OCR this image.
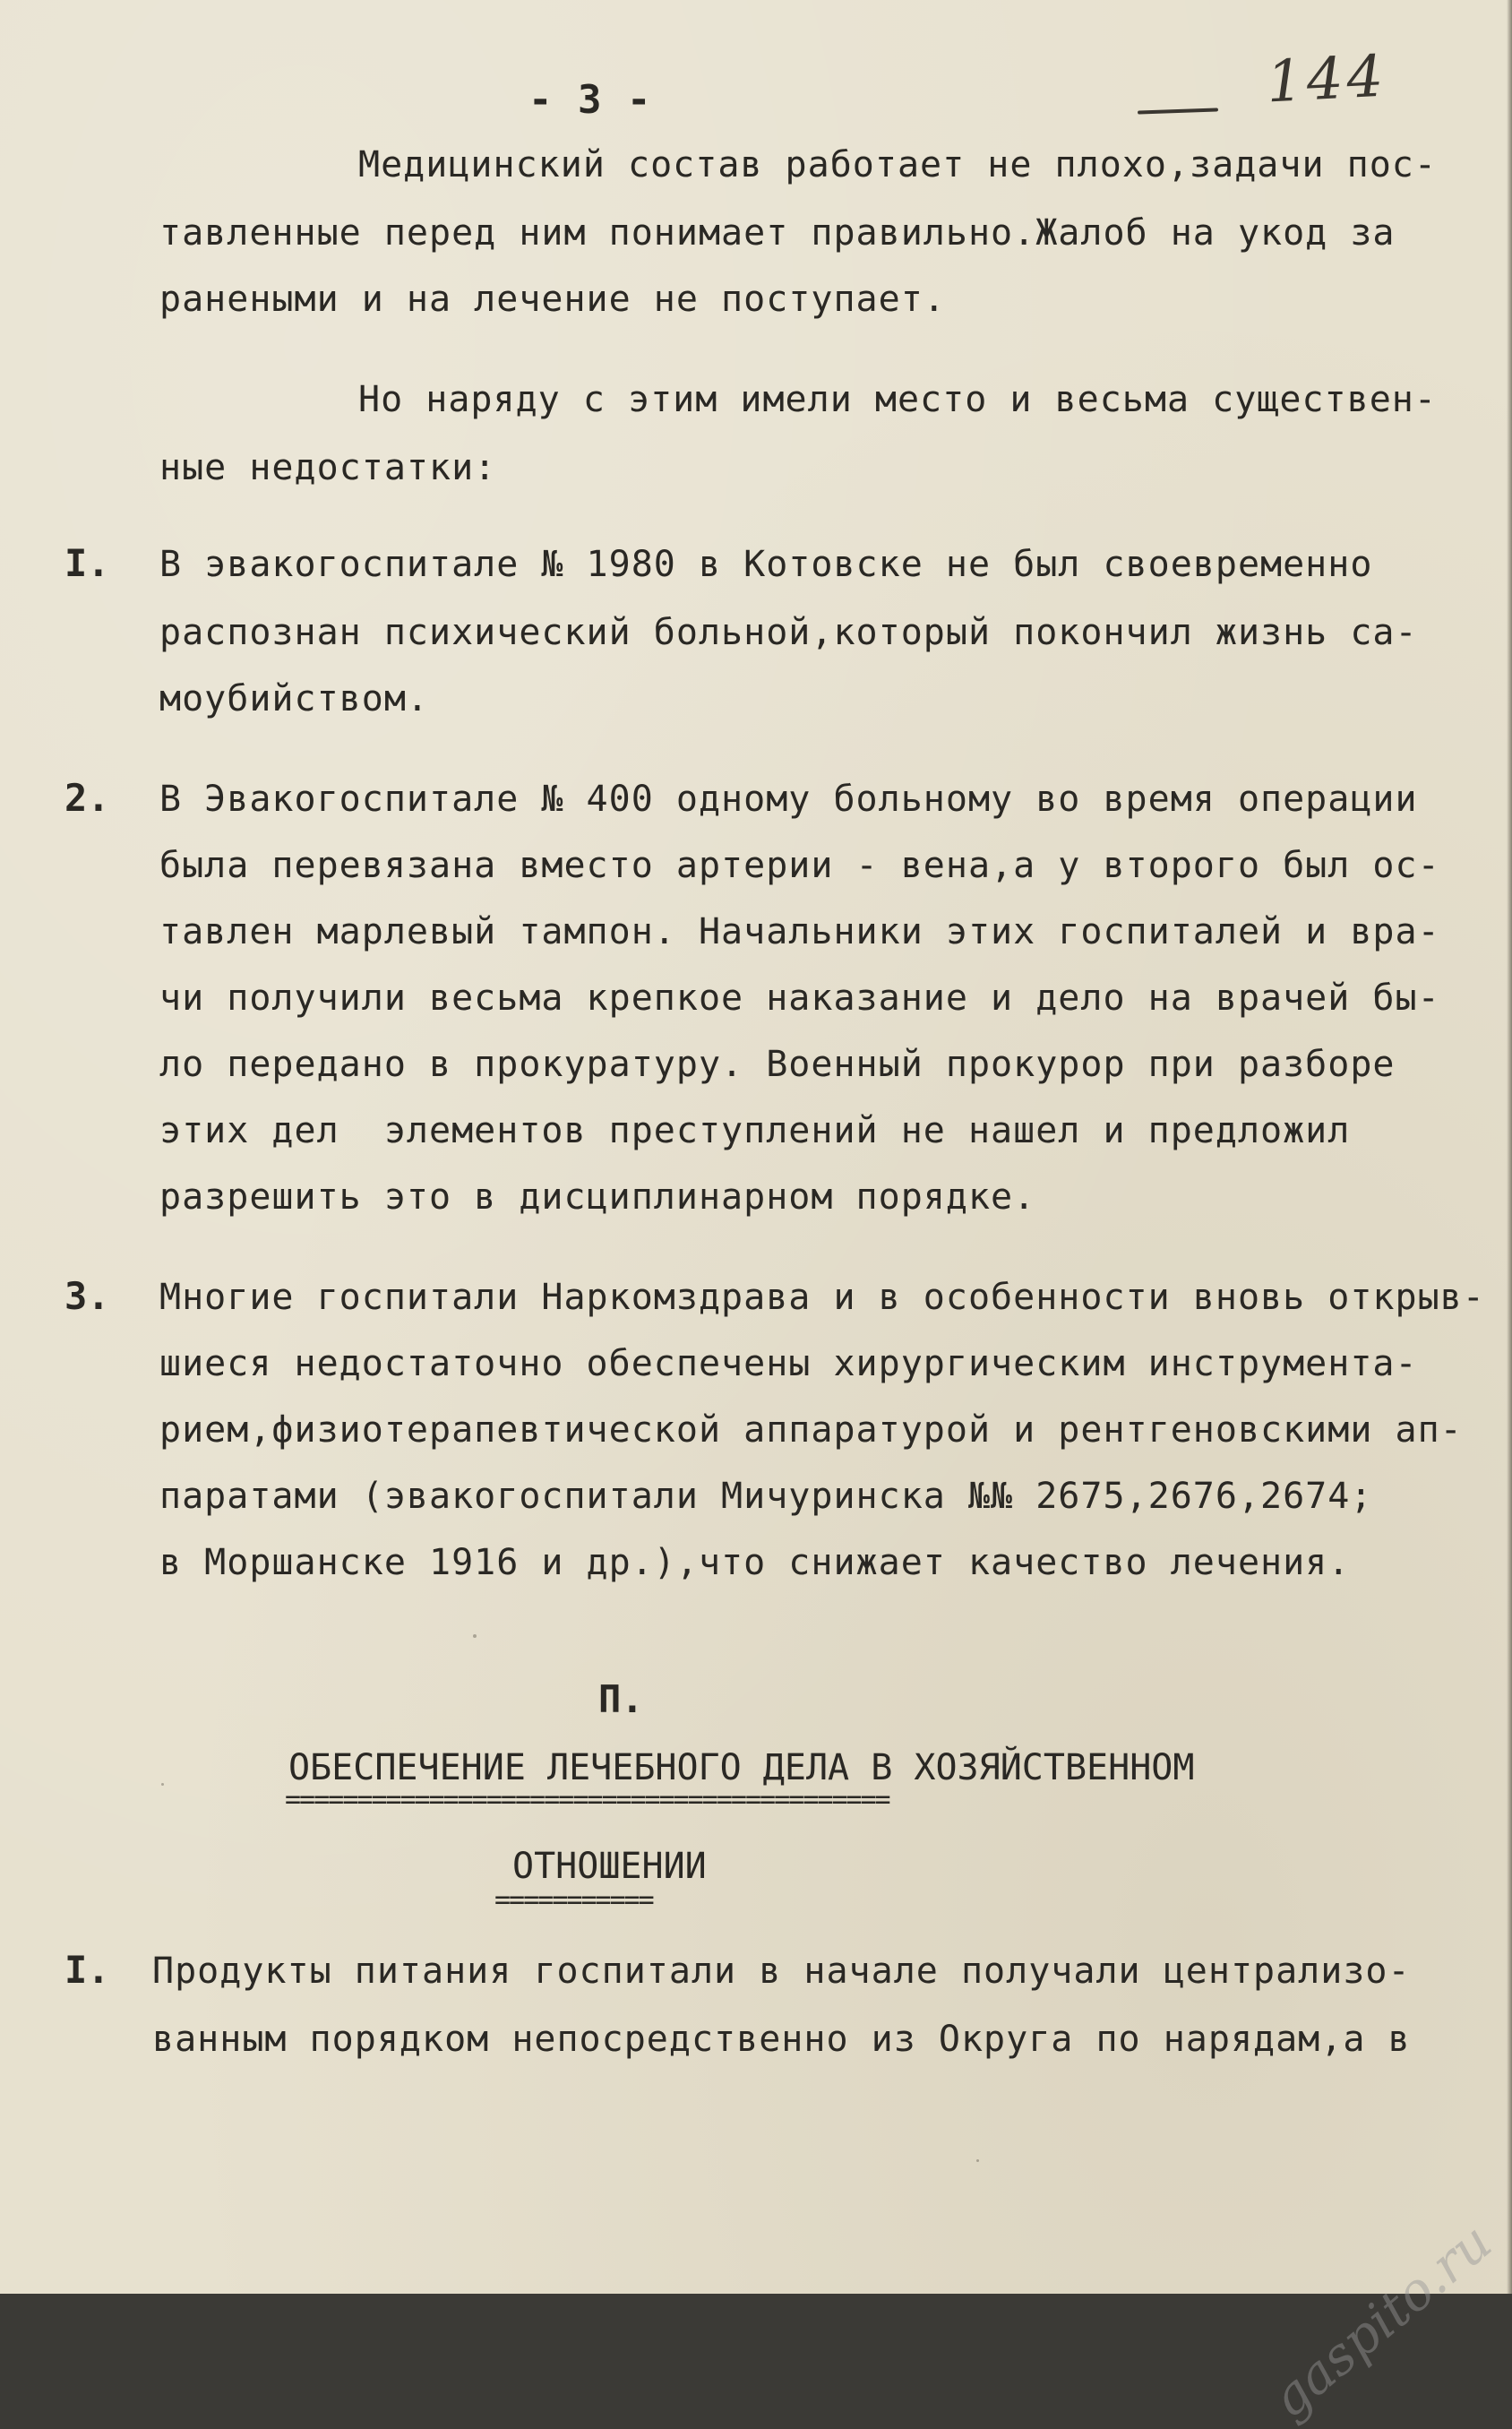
- 3 -	144
Медицинский состав работает не плохо,задачи пос-
тавленные перед ним понимает правильно.Жалоб на укод за
ранеными и на лечение не поступает.
Но наряду с этим имели место и весьма существен-
ные недостатки:
I. В эвакогоспитале № 1980 в Котовске не был своевременно
распознан психический больной,который покончил жизнь са-
моубийством.
2. В Эвакогоспитале № 400 одному больному во время операции
была перевязана вместо артерии - вена,а у второго был ос-
тавлен марлевый тампон. Начальники этих госпиталей и вра-
чи получили весьма крепкое наказание и дело на врачей бы-
ло передано в прокуратуру. Военный прокурор при разборе
этих дел  элементов преступлений не нашел и предложил
разрешить это в дисциплинарном порядке.
3. Многие госпитали Наркомздрава и в особенности вновь открыв-
шиеся недостаточно обеспечены хирургическим инструмента-
рием,физиотерапевтической аппаратурой и рентгеновскими ап-
паратами (эвакогоспитали Мичуринска №№ 2675,2676,2674;
в Моршанске 1916 и др.),что снижает качество лечения.
П.
ОБЕСПЕЧЕНИЕ ЛЕЧЕБНОГО ДЕЛА В ХОЗЯЙСТВЕННОМ
==========================================
ОТНОШЕНИИ
===========
I. Продукты питания госпитали в начале получали централизо-
ванным порядком непосредственно из Округа по нарядам,а в
gaspito.ru
